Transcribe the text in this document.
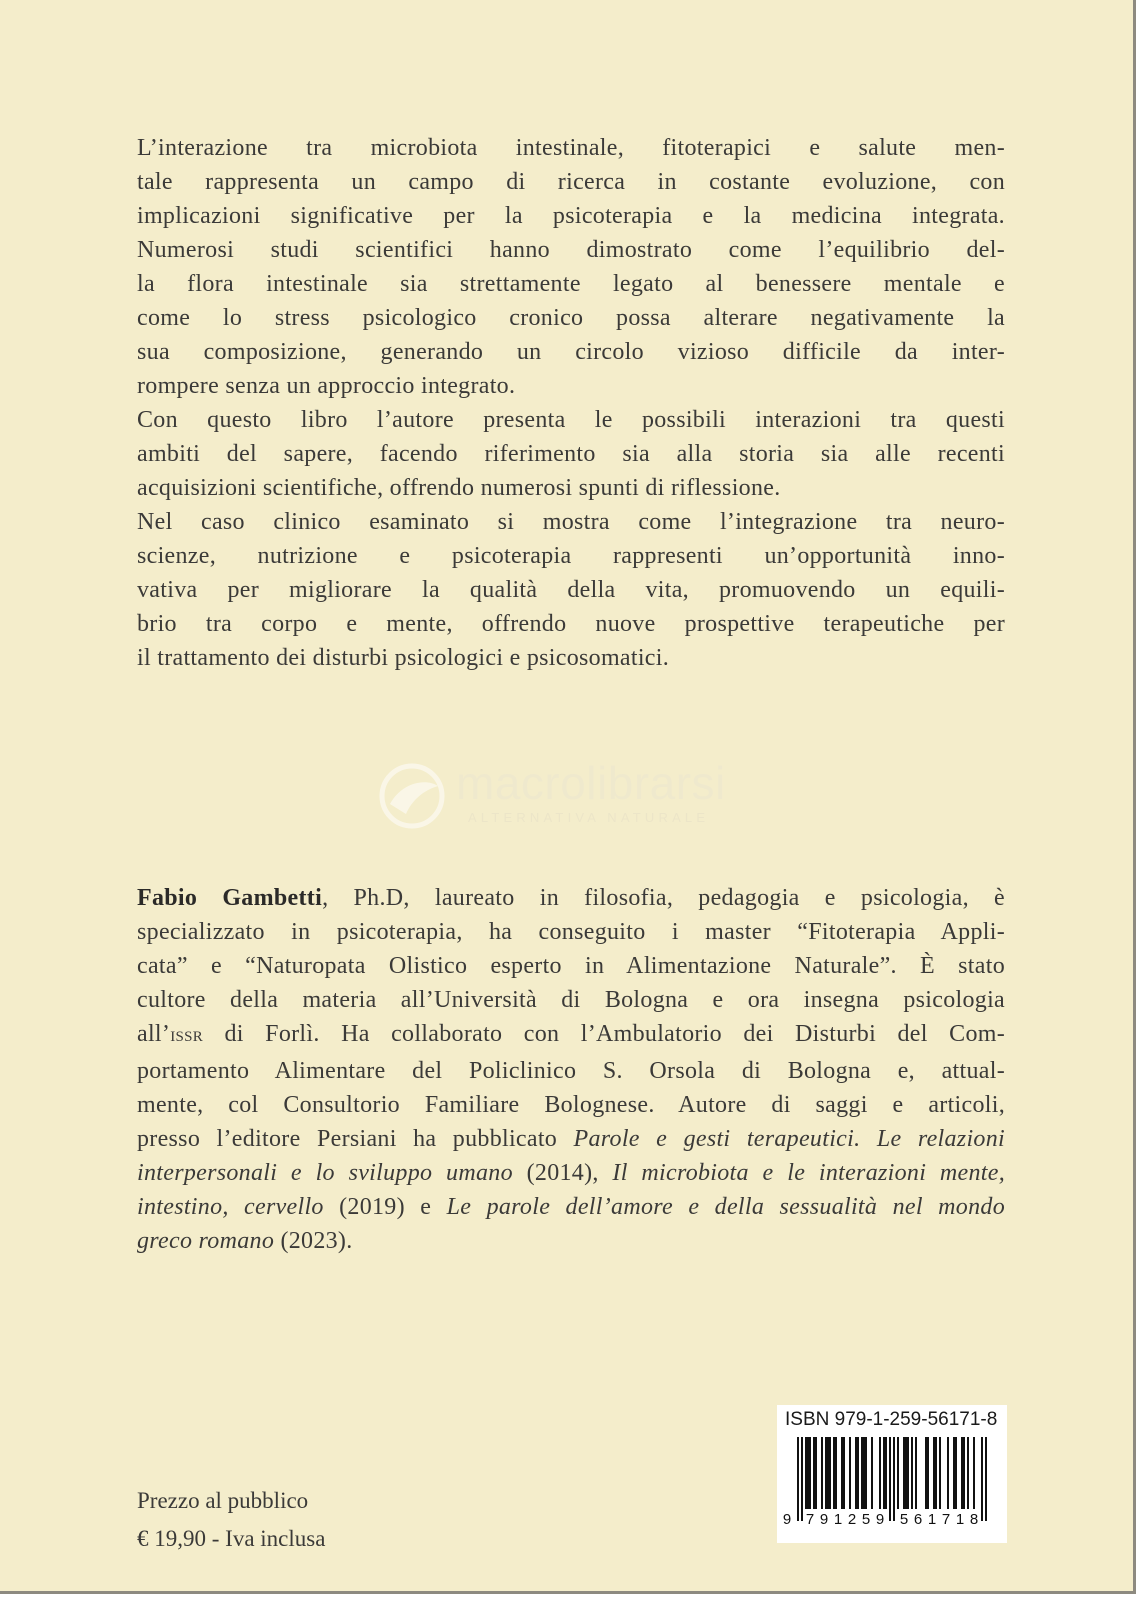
L’interazione tra microbiota intestinale, fitoterapici e salute men-
tale rappresenta un campo di ricerca in costante evoluzione, con
implicazioni significative per la psicoterapia e la medicina integrata.
Numerosi studi scientifici hanno dimostrato come l’equilibrio del-
la flora intestinale sia strettamente legato al benessere mentale e
come lo stress psicologico cronico possa alterare negativamente la
sua composizione, generando un circolo vizioso difficile da inter-
rompere senza un approccio integrato.
Con questo libro l’autore presenta le possibili interazioni tra questi
ambiti del sapere, facendo riferimento sia alla storia sia alle recenti
acquisizioni scientifiche, offrendo numerosi spunti di riflessione.
Nel caso clinico esaminato si mostra come l’integrazione tra neuro-
scienze, nutrizione e psicoterapia rappresenti un’opportunità inno-
vativa per migliorare la qualità della vita, promuovendo un equili-
brio tra corpo e mente, offrendo nuove prospettive terapeutiche per
il trattamento dei disturbi psicologici e psicosomatici.
macrolibrarsi
ALTERNATIVA NATURALE
Fabio Gambetti, Ph.D, laureato in filosofia, pedagogia e psicologia, è
specializzato in psicoterapia, ha conseguito i master “Fitoterapia Appli-
cata” e “Naturopata Olistico esperto in Alimentazione Naturale”. È stato
cultore della materia all’Università di Bologna e ora insegna psicologia
all’ISSR di Forlì. Ha collaborato con l’Ambulatorio dei Disturbi del Com-
portamento Alimentare del Policlinico S. Orsola di Bologna e, attual-
mente, col Consultorio Familiare Bolognese. Autore di saggi e articoli,
presso l’editore Persiani ha pubblicato Parole e gesti terapeutici. Le relazioni
interpersonali e lo sviluppo umano (2014), Il microbiota e le interazioni mente,
intestino, cervello (2019) e Le parole dell’amore e della sessualità nel mondo
greco romano (2023).
ISBN 979-1-259-56171-8
9 7 9 1 2 5 9 5 6 1 7 1 8
Prezzo al pubblico
€ 19,90 - Iva inclusa
